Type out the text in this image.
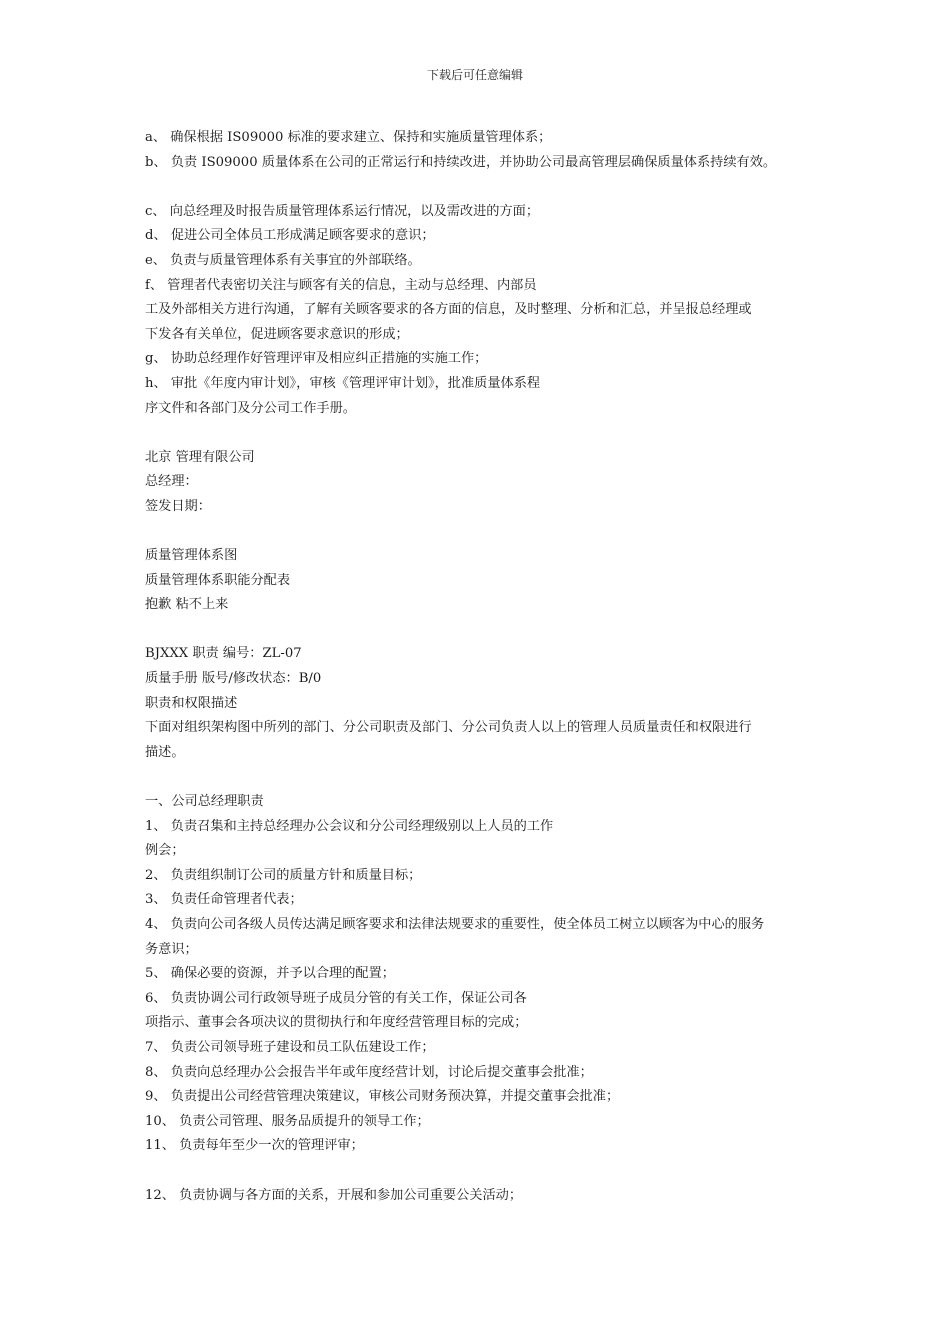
下载后可任意编辑
a、 确保根据 IS09000 标准的要求建立、保持和实施质量管理体系；
b、 负责 IS09000 质量体系在公司的正常运行和持续改进，并协助公司最高管理层确保质量体系持续有效。
c、 向总经理及时报告质量管理体系运行情况，以及需改进的方面；
d、 促进公司全体员工形成满足顾客要求的意识；
e、 负责与质量管理体系有关事宜的外部联络。
f、 管理者代表密切关注与顾客有关的信息，主动与总经理、内部员
工及外部相关方进行沟通，了解有关顾客要求的各方面的信息，及时整理、分析和汇总，并呈报总经理或
下发各有关单位，促进顾客要求意识的形成；
g、 协助总经理作好管理评审及相应纠正措施的实施工作；
h、 审批《年度内审计划》，审核《管理评审计划》，批准质量体系程
序文件和各部门及分公司工作手册。
北京 管理有限公司
总经理：
签发日期：
质量管理体系图
质量管理体系职能分配表
抱歉 粘不上来
BJXXX 职责 编号：ZL-07
质量手册 版号/修改状态：B/0
职责和权限描述
下面对组织架构图中所列的部门、分公司职责及部门、分公司负责人以上的管理人员质量责任和权限进行
描述。
一、公司总经理职责
1、 负责召集和主持总经理办公会议和分公司经理级别以上人员的工作
例会；
2、 负责组织制订公司的质量方针和质量目标；
3、 负责任命管理者代表；
4、 负责向公司各级人员传达满足顾客要求和法律法规要求的重要性，使全体员工树立以顾客为中心的服务
务意识；
5、 确保必要的资源，并予以合理的配置；
6、 负责协调公司行政领导班子成员分管的有关工作，保证公司各
项指示、董事会各项决议的贯彻执行和年度经营管理目标的完成；
7、 负责公司领导班子建设和员工队伍建设工作；
8、 负责向总经理办公会报告半年或年度经营计划，讨论后提交董事会批准；
9、 负责提出公司经营管理决策建议，审核公司财务预决算，并提交董事会批准；
10、 负责公司管理、服务品质提升的领导工作；
11、 负责每年至少一次的管理评审；
12、 负责协调与各方面的关系，开展和参加公司重要公关活动；
